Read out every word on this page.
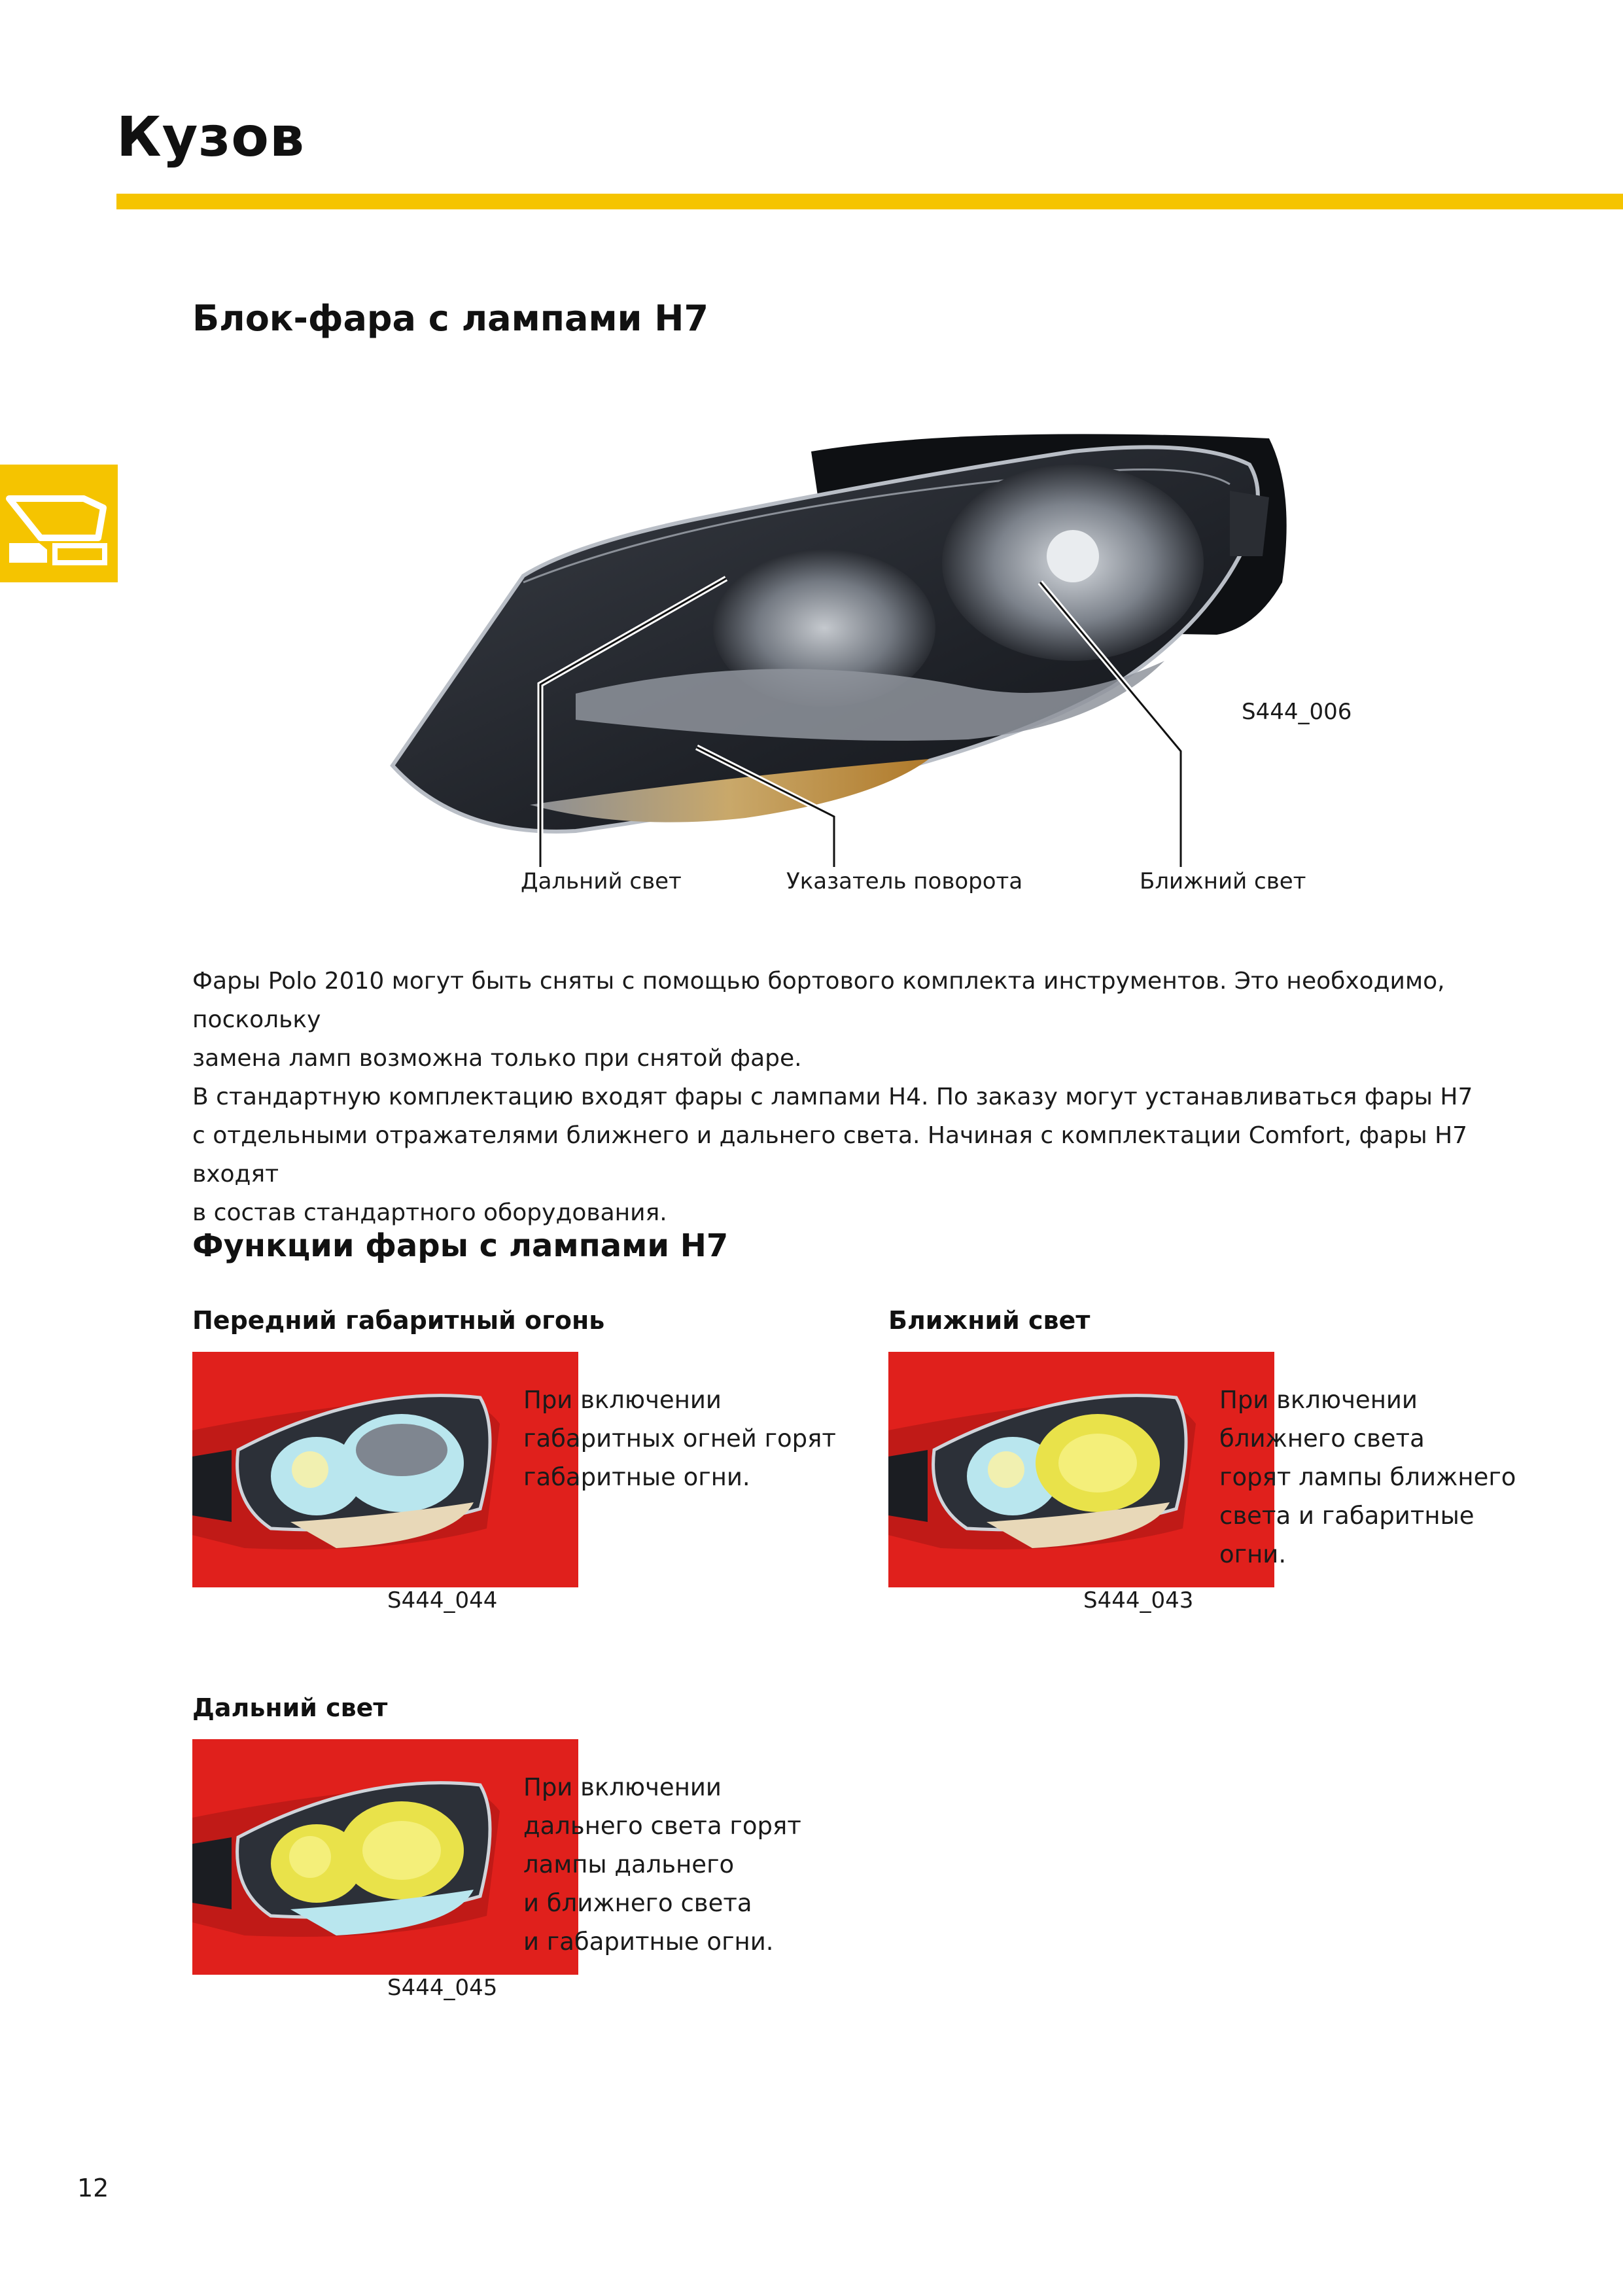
Кузов
Блок-фара с лампами H7
S444_006
Дальний свет	Указатель поворота	Ближний свет
Фары Polo 2010 могут быть сняты с помощью бортового комплекта инструментов. Это необходимо, поскольку
замена ламп возможна только при снятой фаре.
В стандартную комплектацию входят фары с лампами H4. По заказу могут устанавливаться фары H7
с отдельными отражателями ближнего и дальнего света. Начиная с комплектации Comfort, фары H7 входят
в состав стандартного оборудования.
Функции фары с лампами H7
Передний габаритный огонь
S444_044
При включении
габаритных огней горят
габаритные огни.
Ближний свет
S444_043
При включении
ближнего света
горят лампы ближнего
света и габаритные
огни.
Дальний свет
S444_045
При включении
дальнего света горят
лампы дальнего
и ближнего света
и габаритные огни.
12
